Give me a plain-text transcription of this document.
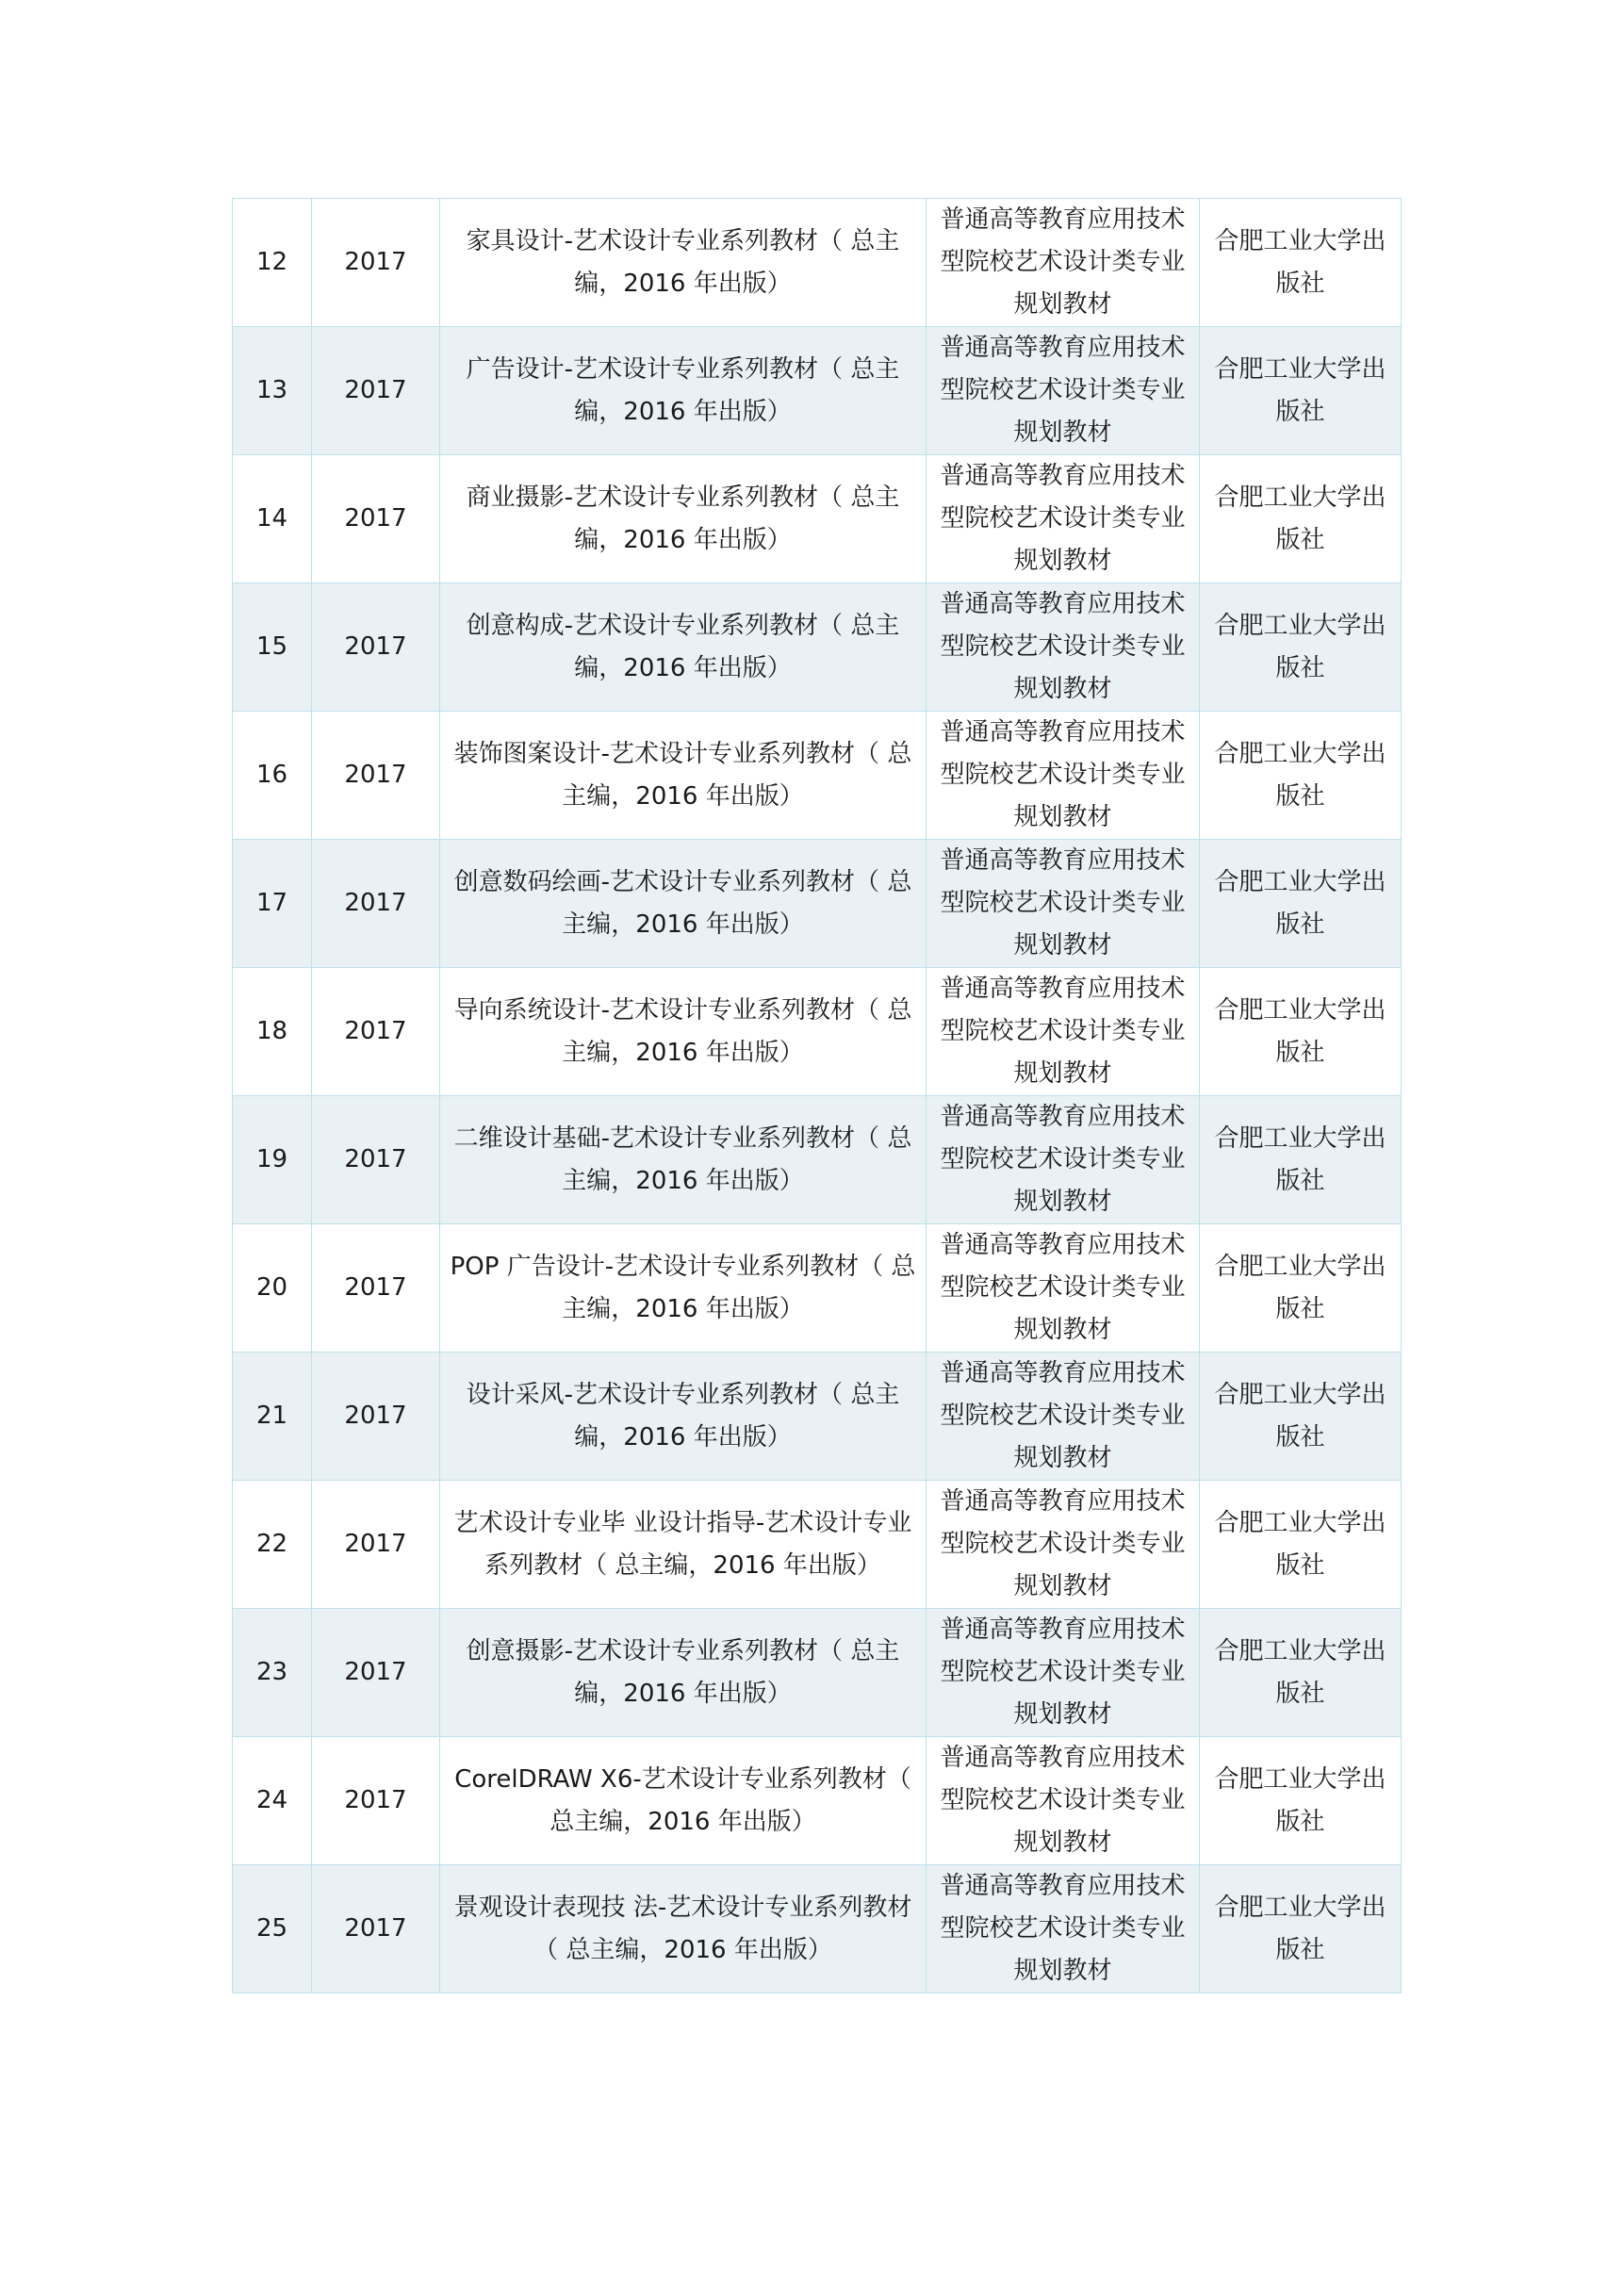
12	2017	家具设计-艺术设计专业系列教材（ 总主编，2016 年出版）	普通高等教育应用技术型院校艺术设计类专业规划教材	合肥工业大学出版社
13	2017	广告设计-艺术设计专业系列教材（ 总主编，2016 年出版）	普通高等教育应用技术型院校艺术设计类专业规划教材	合肥工业大学出版社
14	2017	商业摄影-艺术设计专业系列教材（ 总主编，2016 年出版）	普通高等教育应用技术型院校艺术设计类专业规划教材	合肥工业大学出版社
15	2017	创意构成-艺术设计专业系列教材（ 总主编，2016 年出版）	普通高等教育应用技术型院校艺术设计类专业规划教材	合肥工业大学出版社
16	2017	装饰图案设计-艺术设计专业系列教材（ 总主编，2016 年出版）	普通高等教育应用技术型院校艺术设计类专业规划教材	合肥工业大学出版社
17	2017	创意数码绘画-艺术设计专业系列教材（ 总主编，2016 年出版）	普通高等教育应用技术型院校艺术设计类专业规划教材	合肥工业大学出版社
18	2017	导向系统设计-艺术设计专业系列教材（ 总主编，2016 年出版）	普通高等教育应用技术型院校艺术设计类专业规划教材	合肥工业大学出版社
19	2017	二维设计基础-艺术设计专业系列教材（ 总主编，2016 年出版）	普通高等教育应用技术型院校艺术设计类专业规划教材	合肥工业大学出版社
20	2017	POP 广告设计-艺术设计专业系列教材（ 总主编，2016 年出版）	普通高等教育应用技术型院校艺术设计类专业规划教材	合肥工业大学出版社
21	2017	设计采风-艺术设计专业系列教材（ 总主编，2016 年出版）	普通高等教育应用技术型院校艺术设计类专业规划教材	合肥工业大学出版社
22	2017	艺术设计专业毕 业设计指导-艺术设计专业系列教材（ 总主编，2016 年出版）	普通高等教育应用技术型院校艺术设计类专业规划教材	合肥工业大学出版社
23	2017	创意摄影-艺术设计专业系列教材（ 总主编，2016 年出版）	普通高等教育应用技术型院校艺术设计类专业规划教材	合肥工业大学出版社
24	2017	CorelDRAW X6-艺术设计专业系列教材（ 总主编，2016 年出版）	普通高等教育应用技术型院校艺术设计类专业规划教材	合肥工业大学出版社
25	2017	景观设计表现技 法-艺术设计专业系列教材（ 总主编，2016 年出版）	普通高等教育应用技术型院校艺术设计类专业规划教材	合肥工业大学出版社
